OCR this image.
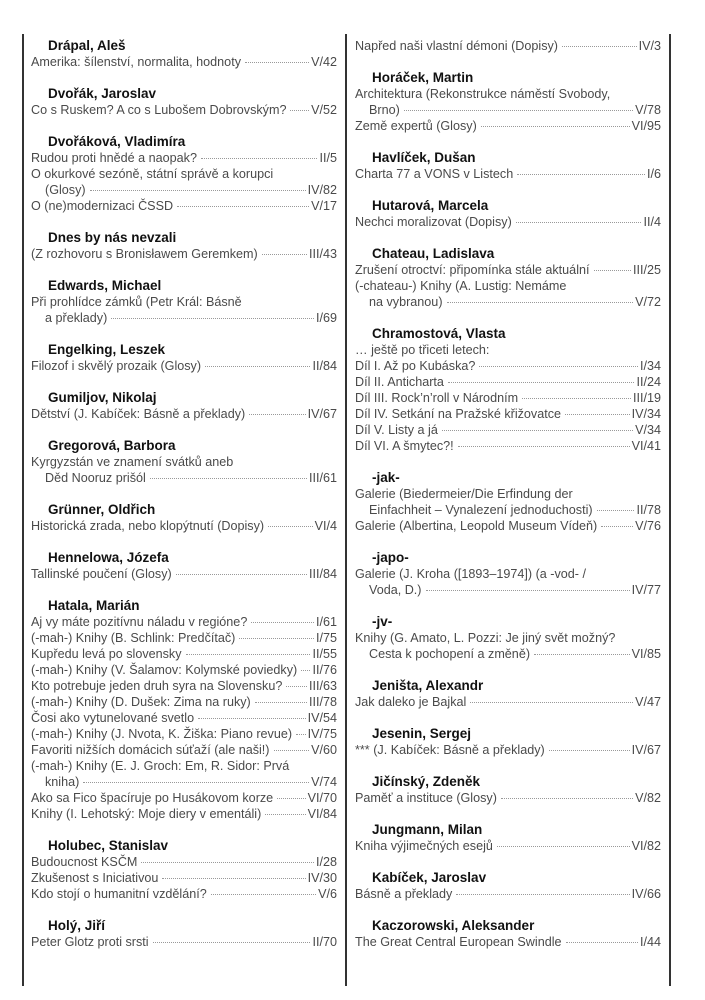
Drápal, Aleš
Amerika: šílenství, normalita, hodnoty	V/42
Dvořák, Jaroslav
Co s Ruskem? A co s Lubošem Dobrovským? V/52
Dvořáková, Vladimíra
Rudou proti hnědé a naopak?	II/5
O okurkové sezóně, státní správě a korupci
(Glosy)	IV/82
O (ne)modernizaci ČSSD	V/17
Dnes by nás nevzali
(Z rozhovoru s Bronisławem Geremkem)	III/43
Edwards, Michael
Při prohlídce zámků (Petr Král: Básně
a překlady)	I/69
Engelking, Leszek
Filozof i skvělý prozaik (Glosy)	II/84
Gumiljov, Nikolaj
Dětství (J. Kabíček: Básně a překlady)	IV/67
Gregorová, Barbora
Kyrgyzstán ve znamení svátků aneb
Děd Nooruz prišól	III/61
Grünner, Oldřich
Historická zrada, nebo klopýtnutí (Dopisy)	VI/4
Hennelowa, Józefa
Tallinské poučení (Glosy)	III/84
Hatala, Marián
Aj vy máte pozitívnu náladu v regióne?	I/61
(-mah-) Knihy (B. Schlink: Predčítač)	I/75
Kupředu levá po slovensky	II/55
(-mah-) Knihy (V. Šalamov: Kolymské poviedky) II/76
Kto potrebuje jeden druh syra na Slovensku? III/63
(-mah-) Knihy (D. Dušek: Zima na ruky)	III/78
Čosi ako vytunelované svetlo	IV/54
(-mah-) Knihy (J. Nvota, K. Žiška: Piano revue) IV/75
Favoriti nižších domácich súťaží (ale naši!)	V/60
(-mah-) Knihy (E. J. Groch: Em, R. Sidor: Prvá
kniha)	V/74
Ako sa Fico špacíruje po Husákovom korze	VI/70
Knihy (I. Lehotský: Moje diery v ementáli)	VI/84
Holubec, Stanislav
Budoucnost KSČM	I/28
Zkušenost s Iniciativou	IV/30
Kdo stojí o humanitní vzdělání?	V/6
Holý, Jiří
Peter Glotz proti srsti	II/70
Napřed naši vlastní démoni (Dopisy)	IV/3
Horáček, Martin
Architektura (Rekonstrukce náměstí Svobody,
Brno)	V/78
Země expertů (Glosy)	VI/95
Havlíček, Dušan
Charta 77 a VONS v Listech	I/6
Hutarová, Marcela
Nechci moralizovat (Dopisy)	II/4
Chateau, Ladislava
Zrušení otroctví: připomínka stále aktuální	III/25
(-chateau-) Knihy (A. Lustig: Nemáme
na vybranou)	V/72
Chramostová, Vlasta
… ještě po třiceti letech:
Díl I. Až po Kubáska?	I/34
Díl II. Anticharta	II/24
Díl III. Rock’n’roll v Národním	III/19
Díl IV. Setkání na Pražské křižovatce	IV/34
Díl V. Listy a já	V/34
Díl VI. A šmytec?!	VI/41
-jak-
Galerie (Biedermeier/Die Erfindung der
Einfachheit – Vynalezení jednoduchosti)	II/78
Galerie (Albertina, Leopold Museum Vídeň)	V/76
-japo-
Galerie (J. Kroha ([1893–1974]) (a -vod- /
Voda, D.)	IV/77
-jv-
Knihy (G. Amato, L. Pozzi: Je jiný svět možný?
Cesta k pochopení a změně)	VI/85
Jeništa, Alexandr
Jak daleko je Bajkal	V/47
Jesenin, Sergej
*** (J. Kabíček: Básně a překlady)	IV/67
Jičínský, Zdeněk
Paměť a instituce (Glosy)	V/82
Jungmann, Milan
Kniha výjimečných esejů	VI/82
Kabíček, Jaroslav
Básně a překlady	IV/66
Kaczorowski, Aleksander
The Great Central European Swindle	I/44
